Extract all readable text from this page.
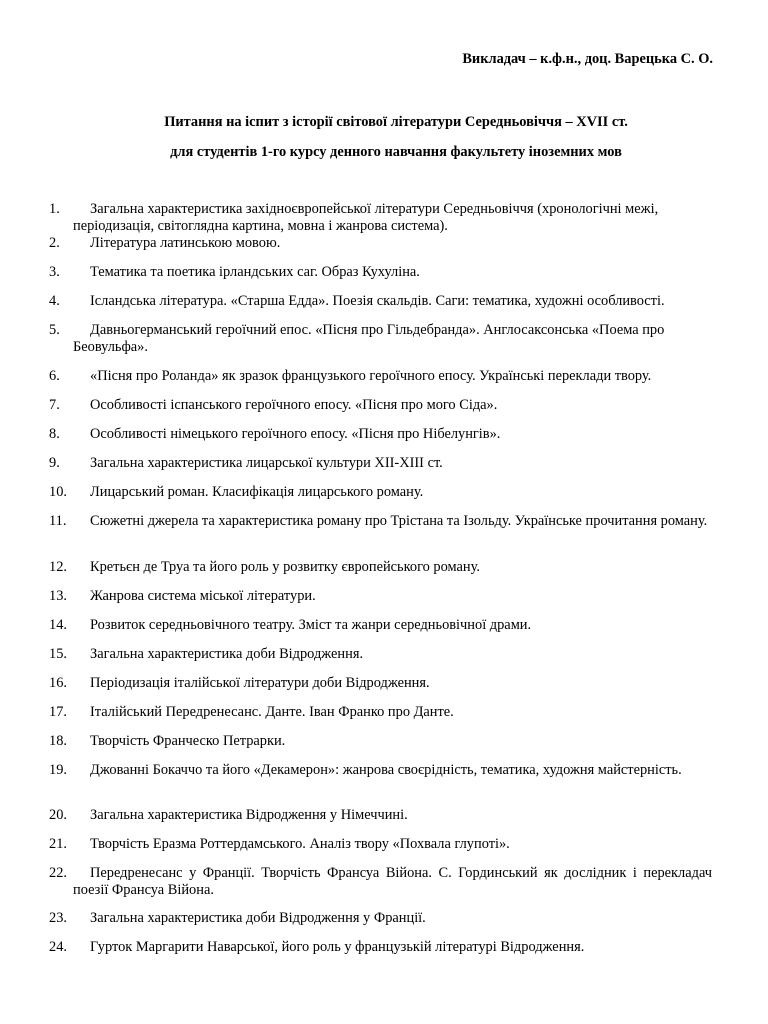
Викладач – к.ф.н., доц. Варецька С. О.
Питання на іспит з історії світової літератури Середньовіччя – XVII ст.
для студентів 1-го курсу денного навчання факультету іноземних мов
1.	Загальна характеристика західноєвропейської літератури Середньовіччя (хронологічні межі, періодизація, світоглядна картина, мовна і жанрова система).
2.	Література латинською мовою.
3.	Тематика та поетика ірландських саг. Образ Кухуліна.
4.	Ісландська література. «Старша Едда». Поезія скальдів. Саги: тематика, художні особливості.
5.	Давньогерманський героїчний епос. «Пісня про Гільдебранда». Англосаксонська «Поема про Беовульфа».
6.	«Пісня про Роланда» як зразок французького героїчного епосу. Українські переклади твору.
7.	Особливості іспанського героїчного епосу. «Пісня про мого Сіда».
8.	Особливості німецького героїчного епосу. «Пісня про Нібелунгів».
9.	Загальна характеристика лицарської культури ХІІ-ХІІІ ст.
10.	Лицарський роман. Класифікація лицарського роману.
11.	Сюжетні джерела та характеристика роману про Трістана та Ізольду. Українське прочитання роману.
12.	Кретьєн де Труа та його роль у розвитку європейського роману.
13.	Жанрова система міської літератури.
14.	Розвиток середньовічного театру. Зміст та жанри середньовічної драми.
15.	Загальна характеристика доби Відродження.
16.	Періодизація італійської літератури доби Відродження.
17.	Італійський Передренесанс. Данте. Іван Франко про Данте.
18.	Творчість Франческо Петрарки.
19.	Джованні Бокаччо та його «Декамерон»: жанрова своєрідність, тематика, художня майстерність.
20.	Загальна характеристика Відродження у Німеччині.
21.	Творчість Еразма Роттердамського. Аналіз твору «Похвала глупоті».
22.	Передренесанс у Франції. Творчість Франсуа Війона. С. Гординський як дослідник і перекладач поезії Франсуа Війона.
23.	Загальна характеристика доби Відродження у Франції.
24.	Гурток Маргарити Наварської, його роль у французькій літературі Відродження.
